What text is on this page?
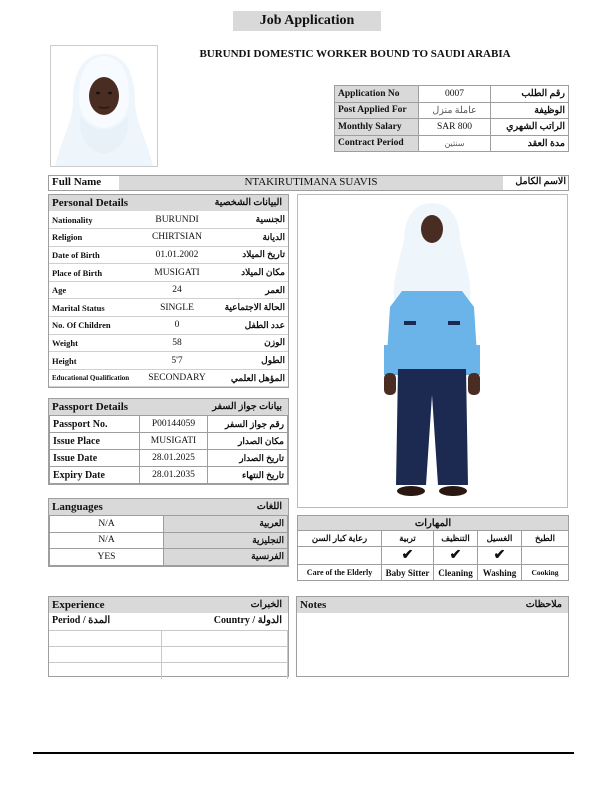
Job Application
BURUNDI DOMESTIC WORKER BOUND TO SAUDI ARABIA
Application No	0007	رقم الطلب
Post Applied For	عاملة منزل	الوظيفة
Monthly Salary	SAR 800	الراتب الشهري
Contract Period	سنتين	مدة العقد
Full Name	NTAKIRUTIMANA SUAVIS	الاسم الكامل
Personal Details	البيانات الشخصية
Nationality	BURUNDI	الجنسية
Religion	CHIRTSIAN	الديانة
Date of Birth	01.01.2002	تاريخ الميلاد
Place of Birth	MUSIGATI	مكان الميلاد
Age	24	العمر
Marital Status	SINGLE	الحالة الاجتماعية
No. Of Children	0	عدد الطفل
Weight	58	الوزن
Height	5'7	الطول
Educational Qualification	SECONDARY	المؤهل العلمي
Passport Details	بيانات جواز السفر
Passport No.	P00144059	رقم جواز السفر
Issue Place	MUSIGATI	مكان الصدار
Issue Date	28.01.2025	تاريخ الصدار
Expiry Date	28.01.2035	تاريخ النتهاء
Languages	اللغات
N/A	العربية
N/A	النجليزية
YES	الفرنسية
المهارات				
رعاية كبار السن	تربية	التنظيف	الغسيل	الطبخ
	✔	✔	✔	
Care of the Elderly	Baby Sitter	Cleaning	Washing	Cooking
Experience	الخبرات
Period / المدة	Country / الدولة

Notes	ملاحظات
